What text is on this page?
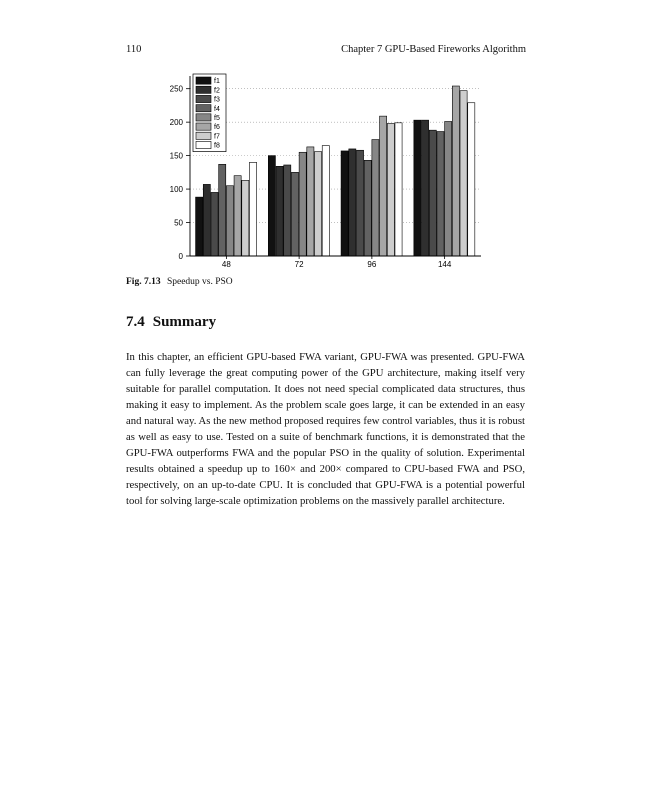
110	Chapter 7 GPU-Based Fireworks Algorithm
0
50
100
150
200
250
48	72	96	144
f1
f2
f3
f4
f5
f6
f7
f8
Fig. 7.13 Speedup vs. PSO
7.4 Summary

In this chapter, an efficient GPU-based FWA variant, GPU-FWA was presented. GPU-FWA can fully leverage the great computing power of the GPU architecture, making itself very suitable for parallel computation. It does not need special complicated data structures, thus making it easy to implement. As the problem scale goes large, it can be extended in an easy and natural way. As the new method proposed requires few control variables, thus it is robust as well as easy to use. Tested on a suite of benchmark functions, it is demonstrated that the GPU-FWA outperforms FWA and the popular PSO in the quality of solution. Experimental results obtained a speedup up to 160× and 200× compared to CPU-based FWA and PSO, respectively, on an up-to-date CPU. It is concluded that GPU-FWA is a potential powerful tool for solving large-scale optimization problems on the massively parallel architecture.
